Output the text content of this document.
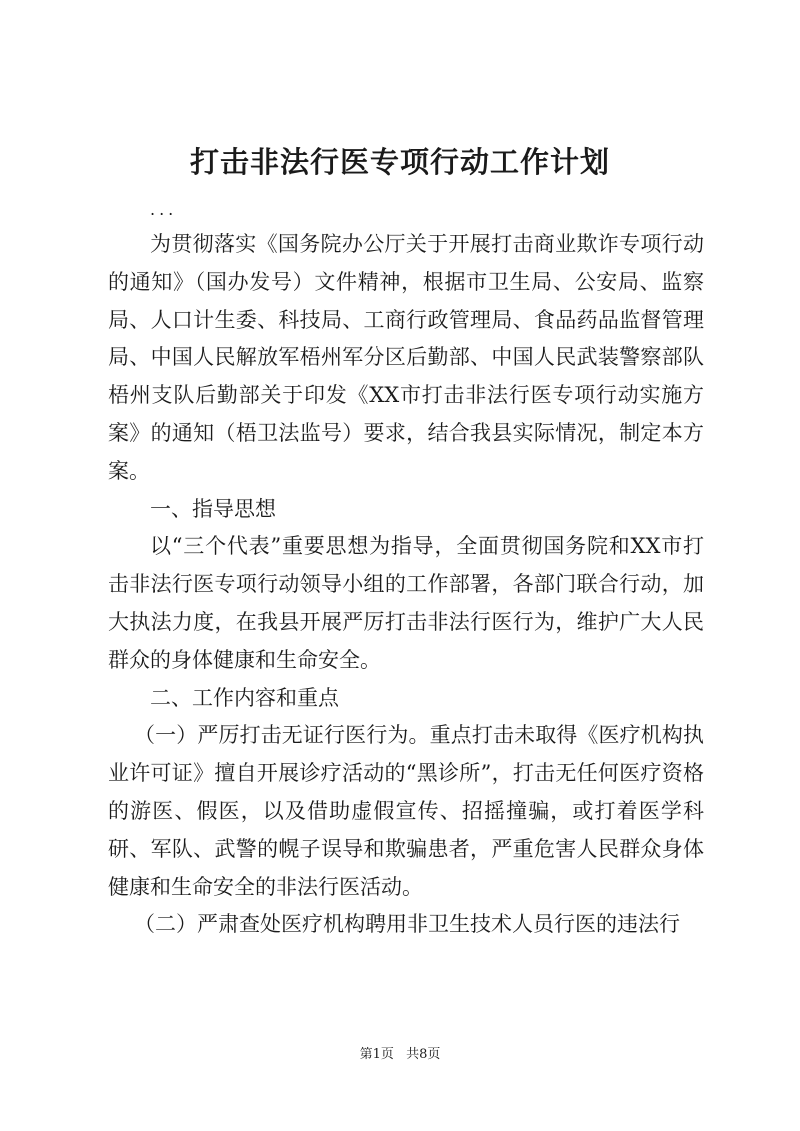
打击非法行医专项行动工作计划
...

为贯彻落实《国务院办公厅关于开展打击商业欺诈专项行动的通知》（国办发号）文件精神，根据市卫生局、公安局、监察局、人口计生委、科技局、工商行政管理局、食品药品监督管理局、中国人民解放军梧州军分区后勤部、中国人民武装警察部队梧州支队后勤部关于印发《XX市打击非法行医专项行动实施方案》的通知（梧卫法监号）要求，结合我县实际情况，制定本方案。

一、指导思想

以“三个代表”重要思想为指导，全面贯彻国务院和XX市打击非法行医专项行动领导小组的工作部署，各部门联合行动，加大执法力度，在我县开展严厉打击非法行医行为，维护广大人民群众的身体健康和生命安全。

二、工作内容和重点

（一）严厉打击无证行医行为。重点打击未取得《医疗机构执业许可证》擅自开展诊疗活动的“黑诊所”，打击无任何医疗资格的游医、假医，以及借助虚假宣传、招摇撞骗，或打着医学科研、军队、武警的幌子误导和欺骗患者，严重危害人民群众身体健康和生命安全的非法行医活动。

（二）严肃查处医疗机构聘用非卫生技术人员行医的违法行

第1页 共8页
